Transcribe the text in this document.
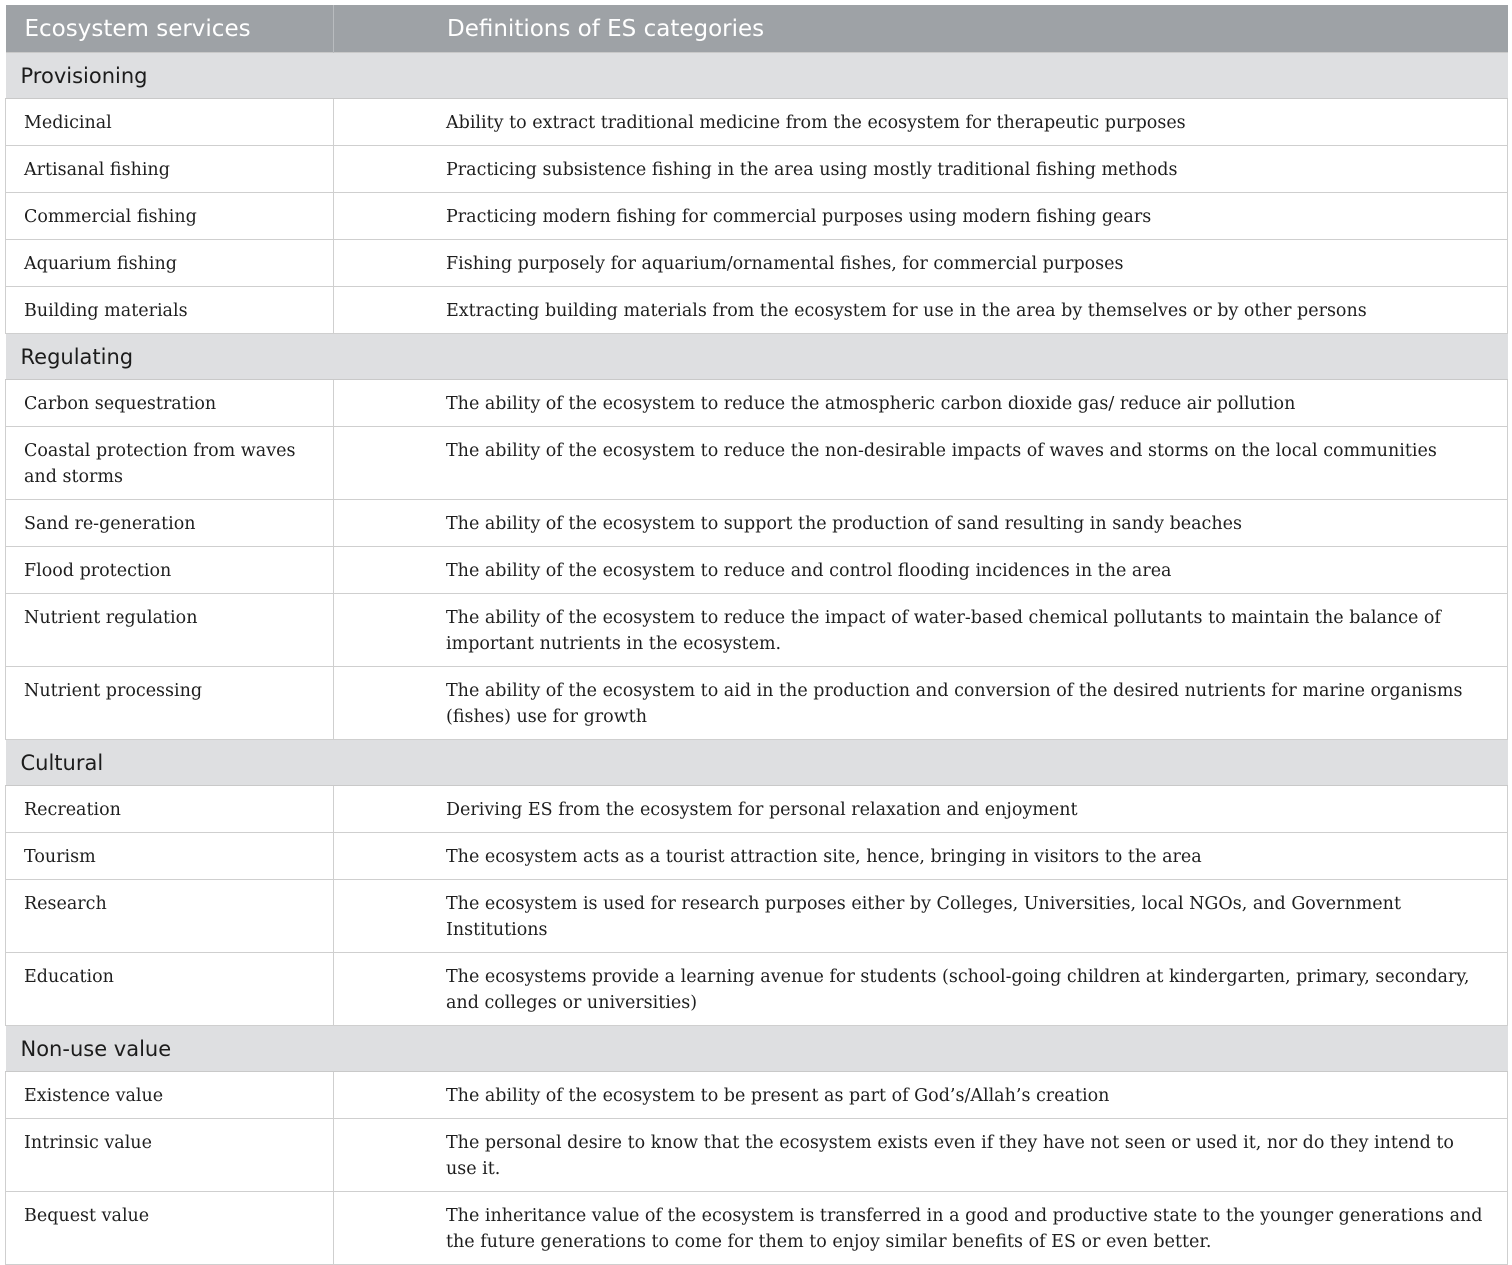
Ecosystem services	Definitions of ES categories
Provisioning	
Medicinal	Ability to extract traditional medicine from the ecosystem for therapeutic purposes
Artisanal fishing	Practicing subsistence fishing in the area using mostly traditional fishing methods
Commercial fishing	Practicing modern fishing for commercial purposes using modern fishing gears
Aquarium fishing	Fishing purposely for aquarium/ornamental fishes, for commercial purposes
Building materials	Extracting building materials from the ecosystem for use in the area by themselves or by other persons
Regulating	
Carbon sequestration	The ability of the ecosystem to reduce the atmospheric carbon dioxide gas/ reduce air pollution
Coastal protection from waves and storms	The ability of the ecosystem to reduce the non-desirable impacts of waves and storms on the local communities
Sand re-generation	The ability of the ecosystem to support the production of sand resulting in sandy beaches
Flood protection	The ability of the ecosystem to reduce and control flooding incidences in the area
Nutrient regulation	The ability of the ecosystem to reduce the impact of water-based chemical pollutants to maintain the balance of important nutrients in the ecosystem.
Nutrient processing	The ability of the ecosystem to aid in the production and conversion of the desired nutrients for marine organisms (fishes) use for growth
Cultural	
Recreation	Deriving ES from the ecosystem for personal relaxation and enjoyment
Tourism	The ecosystem acts as a tourist attraction site, hence, bringing in visitors to the area
Research	The ecosystem is used for research purposes either by Colleges, Universities, local NGOs, and Government Institutions
Education	The ecosystems provide a learning avenue for students (school-going children at kindergarten, primary, secondary, and colleges or universities)
Non-use value	
Existence value	The ability of the ecosystem to be present as part of God’s/Allah’s creation
Intrinsic value	The personal desire to know that the ecosystem exists even if they have not seen or used it, nor do they intend to use it.
Bequest value	The inheritance value of the ecosystem is transferred in a good and productive state to the younger generations and the future generations to come for them to enjoy similar benefits of ES or even better.
